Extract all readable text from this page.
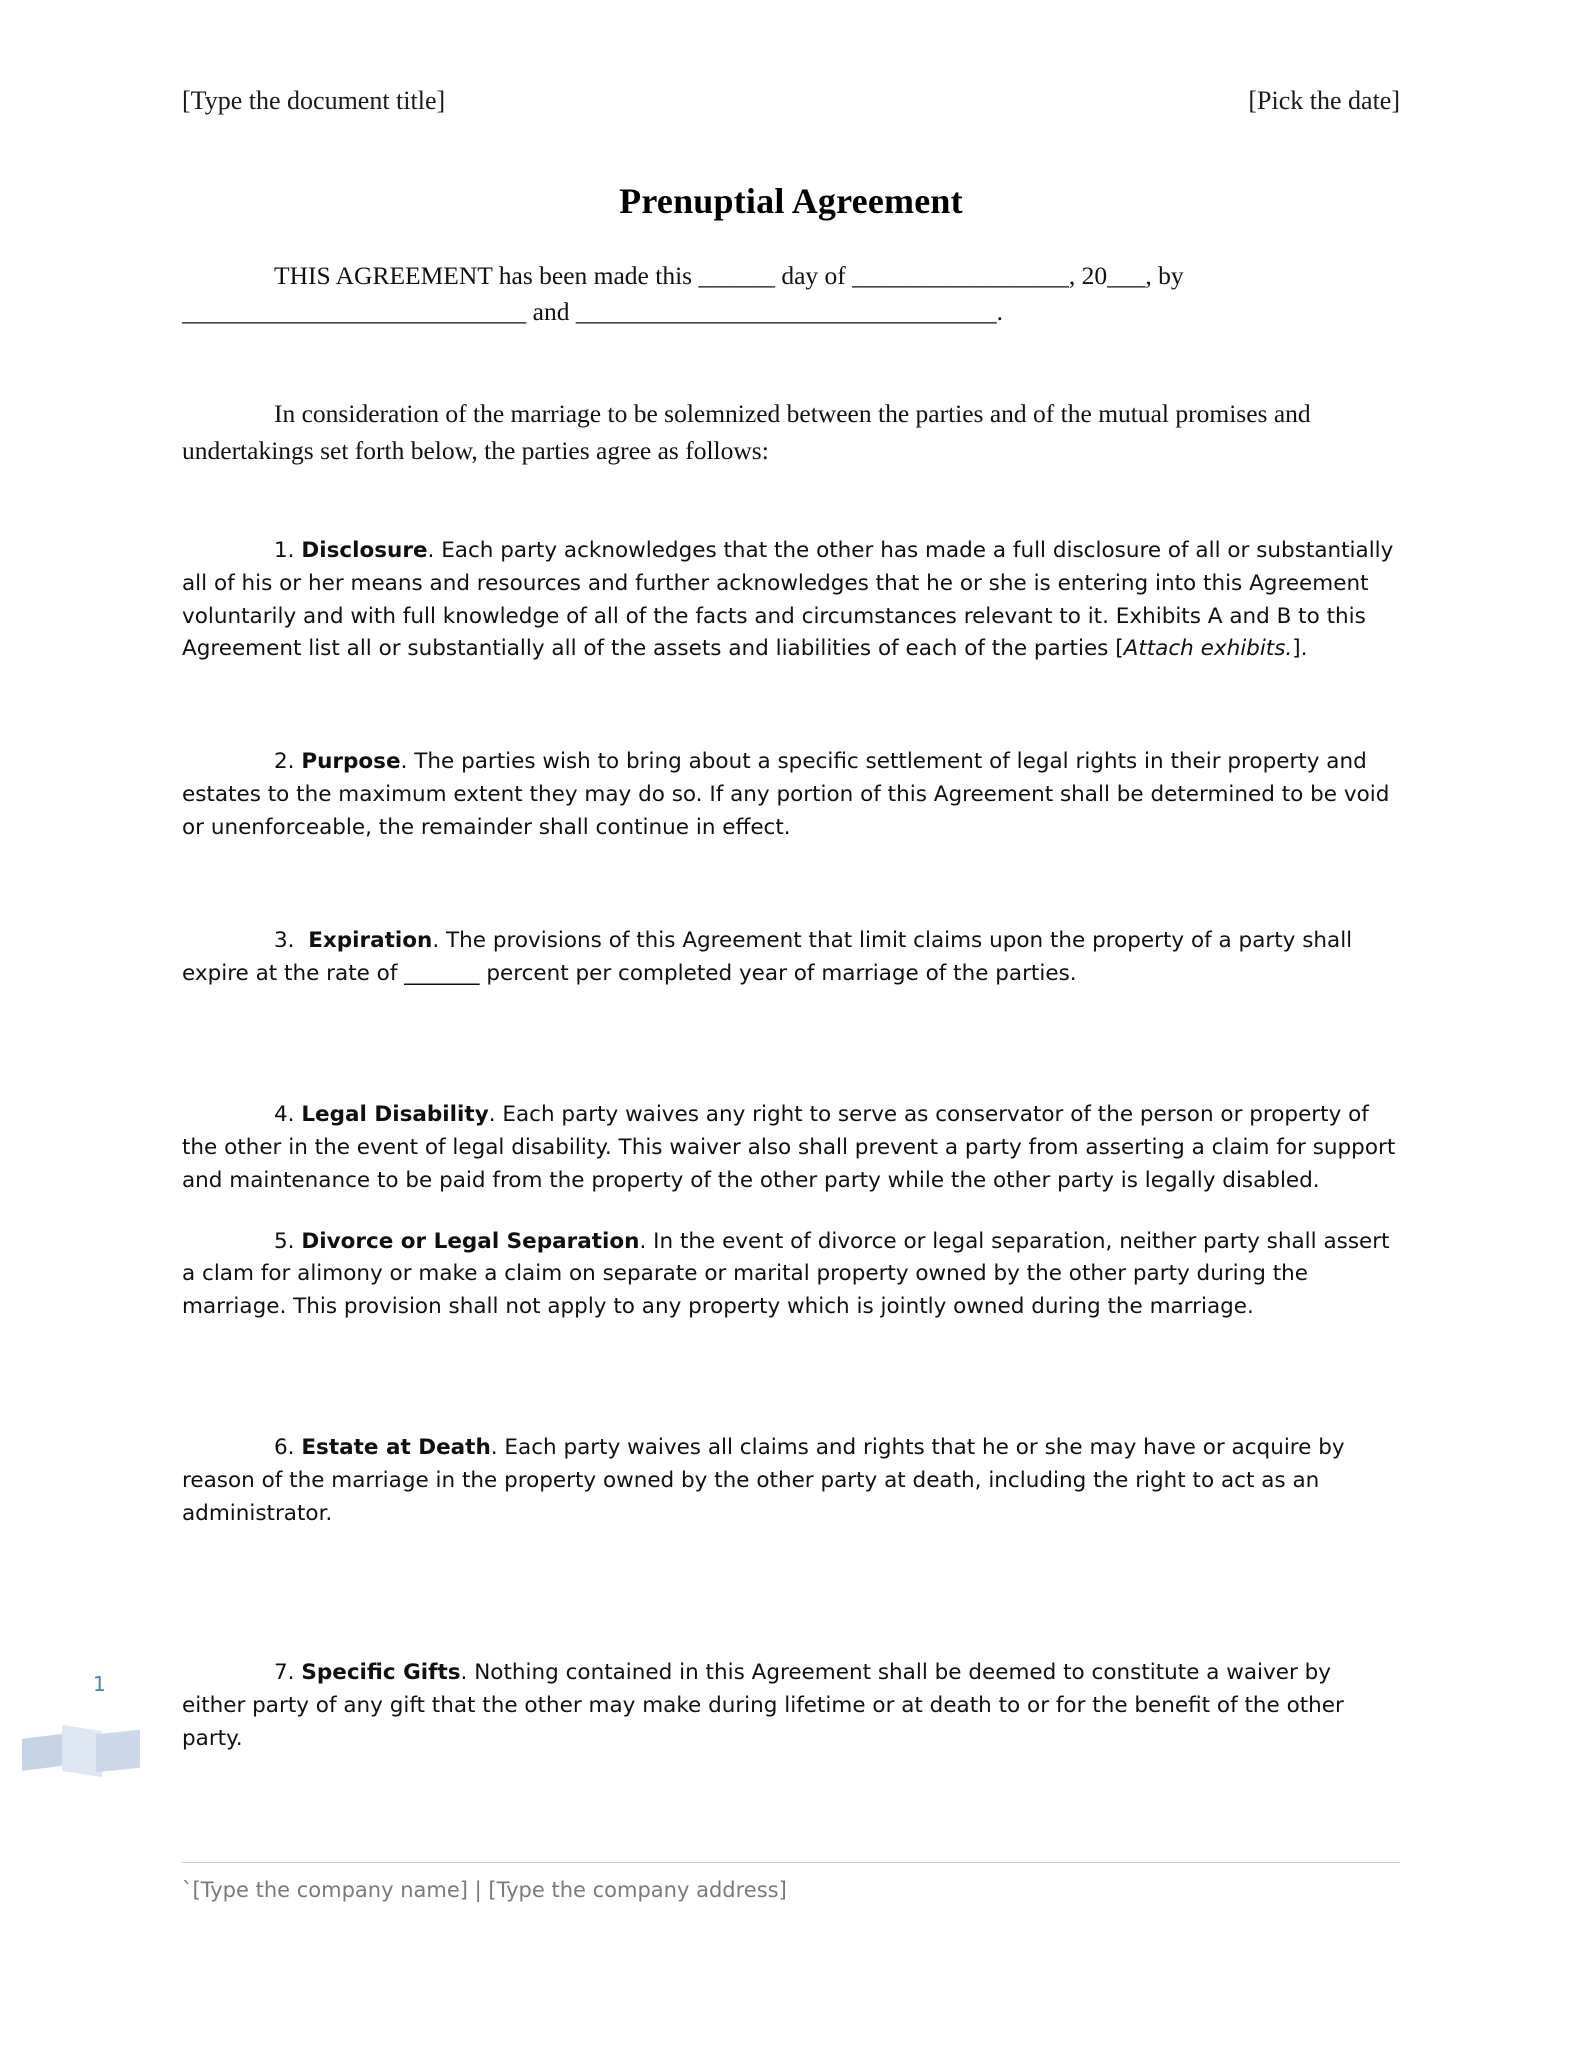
[Type the document title]	[Pick the date]
Prenuptial Agreement

THIS AGREEMENT has been made this ______ day of _________________, 20___, by

___________________________ and _________________________________.

In consideration of the marriage to be solemnized between the parties and of the mutual promises and undertakings set forth below, the parties agree as follows:

1. Disclosure. Each party acknowledges that the other has made a full disclosure of all or substantially all of his or her means and resources and further acknowledges that he or she is entering into this Agreement voluntarily and with full knowledge of all of the facts and circumstances relevant to it. Exhibits A and B to this Agreement list all or substantially all of the assets and liabilities of each of the parties [Attach exhibits.].

2. Purpose. The parties wish to bring about a specific settlement of legal rights in their property and estates to the maximum extent they may do so. If any portion of this Agreement shall be determined to be void or unenforceable, the remainder shall continue in effect.

3. Expiration. The provisions of this Agreement that limit claims upon the property of a party shall expire at the rate of _______ percent per completed year of marriage of the parties.

4. Legal Disability. Each party waives any right to serve as conservator of the person or property of the other in the event of legal disability. This waiver also shall prevent a party from asserting a claim for support and maintenance to be paid from the property of the other party while the other party is legally disabled.

5. Divorce or Legal Separation. In the event of divorce or legal separation, neither party shall assert a clam for alimony or make a claim on separate or marital property owned by the other party during the marriage. This provision shall not apply to any property which is jointly owned during the marriage.

6. Estate at Death. Each party waives all claims and rights that he or she may have or acquire by reason of the marriage in the property owned by the other party at death, including the right to act as an administrator.

7. Specific Gifts. Nothing contained in this Agreement shall be deemed to constitute a waiver by either party of any gift that the other may make during lifetime or at death to or for the benefit of the other party.

1
`[Type the company name] | [Type the company address]
